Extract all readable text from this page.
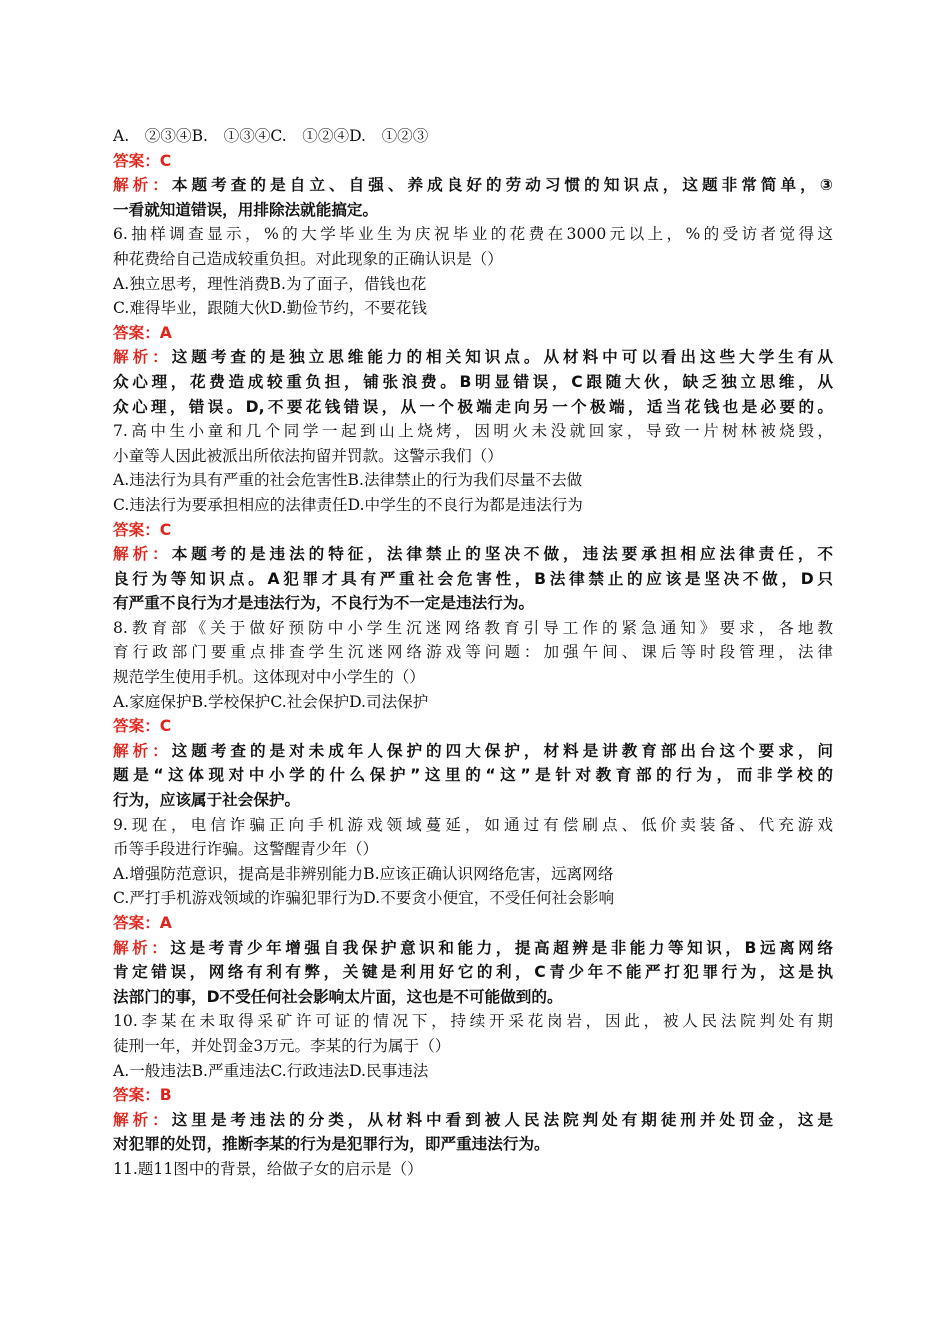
A.　②③④B.　①③④C.　①②④D.　①②③
答案：C
解析：本题考查的是自立、自强、养成良好的劳动习惯的知识点，这题非常简单，③
一看就知道错误，用排除法就能搞定。
6.抽样调查显示，%的大学毕业生为庆祝毕业的花费在3000元以上，%的受访者觉得这
种花费给自己造成较重负担。对此现象的正确认识是（）
A.独立思考，理性消费B.为了面子，借钱也花
C.难得毕业，跟随大伙D.勤俭节约，不要花钱
答案：A
解析：这题考查的是独立思维能力的相关知识点。从材料中可以看出这些大学生有从
众心理，花费造成较重负担，铺张浪费。B明显错误，C跟随大伙，缺乏独立思维，从
众心理，错误。D,不要花钱错误，从一个极端走向另一个极端，适当花钱也是必要的。
7.高中生小童和几个同学一起到山上烧烤，因明火未没就回家，导致一片树林被烧毁，
小童等人因此被派出所依法拘留并罚款。这警示我们（）
A.违法行为具有严重的社会危害性B.法律禁止的行为我们尽量不去做
C.违法行为要承担相应的法律责任D.中学生的不良行为都是违法行为
答案：C
解析：本题考的是违法的特征，法律禁止的坚决不做，违法要承担相应法律责任，不
良行为等知识点。A犯罪才具有严重社会危害性，B法律禁止的应该是坚决不做，D只
有严重不良行为才是违法行为，不良行为不一定是违法行为。
8.教育部《关于做好预防中小学生沉迷网络教育引导工作的紧急通知》要求，各地教
育行政部门要重点排查学生沉迷网络游戏等问题：加强午间、课后等时段管理，法律
规范学生使用手机。这体现对中小学生的（）
A.家庭保护B.学校保护C.社会保护D.司法保护
答案：C
解析：这题考查的是对未成年人保护的四大保护，材料是讲教育部出台这个要求，问
题是“这体现对中小学的什么保护”这里的“这”是针对教育部的行为，而非学校的
行为，应该属于社会保护。
9.现在，电信诈骗正向手机游戏领域蔓延，如通过有偿刷点、低价卖装备、代充游戏
币等手段进行诈骗。这警醒青少年（）
A.增强防范意识，提高是非辨别能力B.应该正确认识网络危害，远离网络
C.严打手机游戏领域的诈骗犯罪行为D.不要贪小便宜，不受任何社会影响
答案：A
解析：这是考青少年增强自我保护意识和能力，提高超辨是非能力等知识，B远离网络
肯定错误，网络有利有弊，关键是利用好它的利，C青少年不能严打犯罪行为，这是执
法部门的事，D不受任何社会影响太片面，这也是不可能做到的。
10.李某在未取得采矿许可证的情况下，持续开采花岗岩，因此，被人民法院判处有期
徒刑一年，并处罚金3万元。李某的行为属于（）
A.一般违法B.严重违法C.行政违法D.民事违法
答案：B
解析：这里是考违法的分类，从材料中看到被人民法院判处有期徒刑并处罚金，这是
对犯罪的处罚，推断李某的行为是犯罪行为，即严重违法行为。
11.题11图中的背景，给做子女的启示是（）
